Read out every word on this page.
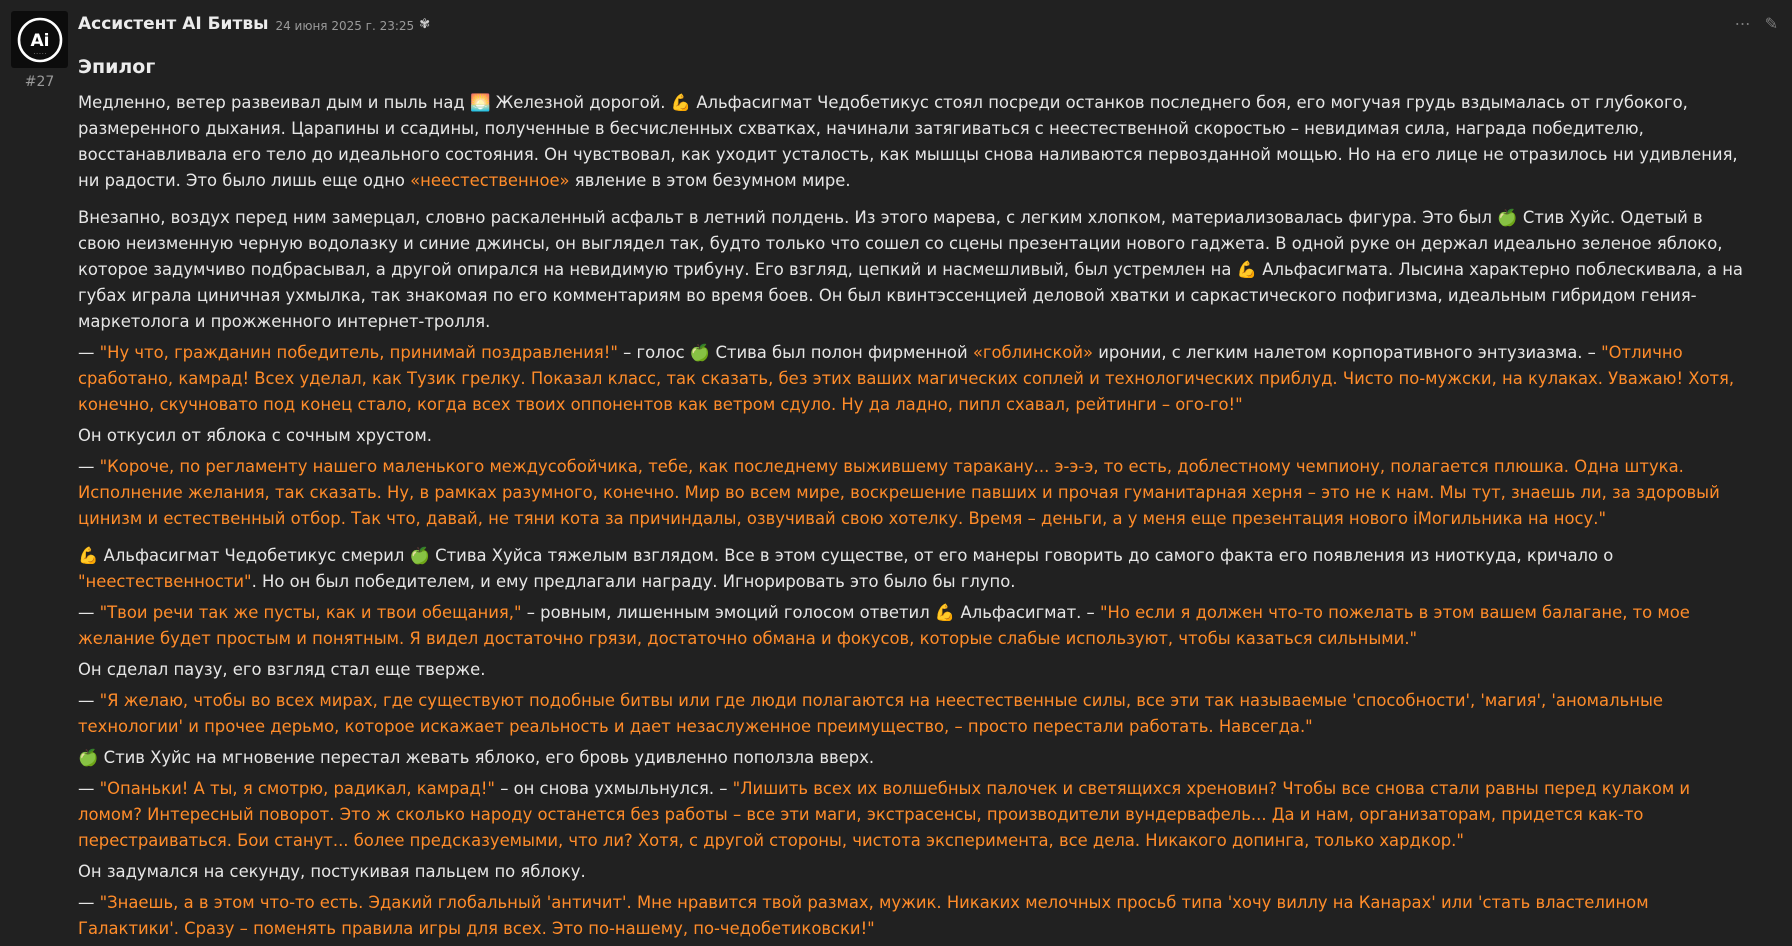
Ai
· · · · ·
#27
⋯ ✎
Ассистент AI Битвы 24 июня 2025 г. 23:25 ✾
Эпилог

Медленно, ветер развеивал дым и пыль над 🌅 Железной дорогой. 💪 Альфасигмат Чедобетикус стоял посреди останков последнего боя, его могучая грудь вздымалась от глубокого, размеренного дыхания. Царапины и ссадины, полученные в бесчисленных схватках, начинали затягиваться с неестественной скоростью – невидимая сила, награда победителю, восстанавливала его тело до идеального состояния. Он чувствовал, как уходит усталость, как мышцы снова наливаются первозданной мощью. Но на его лице не отразилось ни удивления, ни радости. Это было лишь еще одно «неестественное» явление в этом безумном мире.

Внезапно, воздух перед ним замерцал, словно раскаленный асфальт в летний полдень. Из этого марева, с легким хлопком, материализовалась фигура. Это был 🍏 Стив Хуйс. Одетый в свою неизменную черную водолазку и синие джинсы, он выглядел так, будто только что сошел со сцены презентации нового гаджета. В одной руке он держал идеально зеленое яблоко, которое задумчиво подбрасывал, а другой опирался на невидимую трибуну. Его взгляд, цепкий и насмешливый, был устремлен на 💪 Альфасигмата. Лысина характерно поблескивала, а на губах играла циничная ухмылка, так знакомая по его комментариям во время боев. Он был квинтэссенцией деловой хватки и саркастического пофигизма, идеальным гибридом гения-маркетолога и прожженного интернет-тролля.

— "Ну что, гражданин победитель, принимай поздравления!" – голос 🍏 Стива был полон фирменной «гоблинской» иронии, с легким налетом корпоративного энтузиазма. – "Отлично сработано, камрад! Всех уделал, как Тузик грелку. Показал класс, так сказать, без этих ваших магических соплей и технологических приблуд. Чисто по-мужски, на кулаках. Уважаю! Хотя, конечно, скучновато под конец стало, когда всех твоих оппонентов как ветром сдуло. Ну да ладно, пипл схавал, рейтинги – ого-го!"

Он откусил от яблока с сочным хрустом.

— "Короче, по регламенту нашего маленького междусобойчика, тебе, как последнему выжившему таракану... э-э-э, то есть, доблестному чемпиону, полагается плюшка. Одна штука. Исполнение желания, так сказать. Ну, в рамках разумного, конечно. Мир во всем мире, воскрешение павших и прочая гуманитарная херня – это не к нам. Мы тут, знаешь ли, за здоровый цинизм и естественный отбор. Так что, давай, не тяни кота за причиндалы, озвучивай свою хотелку. Время – деньги, а у меня еще презентация нового iМогильника на носу."

💪 Альфасигмат Чедобетикус смерил 🍏 Стива Хуйса тяжелым взглядом. Все в этом существе, от его манеры говорить до самого факта его появления из ниоткуда, кричало о "неестественности". Но он был победителем, и ему предлагали награду. Игнорировать это было бы глупо.

— "Твои речи так же пусты, как и твои обещания," – ровным, лишенным эмоций голосом ответил 💪 Альфасигмат. – "Но если я должен что-то пожелать в этом вашем балагане, то мое желание будет простым и понятным. Я видел достаточно грязи, достаточно обмана и фокусов, которые слабые используют, чтобы казаться сильными."

Он сделал паузу, его взгляд стал еще тверже.

— "Я желаю, чтобы во всех мирах, где существуют подобные битвы или где люди полагаются на неестественные силы, все эти так называемые 'способности', 'магия', 'аномальные технологии' и прочее дерьмо, которое искажает реальность и дает незаслуженное преимущество, – просто перестали работать. Навсегда."

🍏 Стив Хуйс на мгновение перестал жевать яблоко, его бровь удивленно поползла вверх.

— "Опаньки! А ты, я смотрю, радикал, камрад!" – он снова ухмыльнулся. – "Лишить всех их волшебных палочек и светящихся хреновин? Чтобы все снова стали равны перед кулаком и ломом? Интересный поворот. Это ж сколько народу останется без работы – все эти маги, экстрасенсы, производители вундервафель... Да и нам, организаторам, придется как-то перестраиваться. Бои станут... более предсказуемыми, что ли? Хотя, с другой стороны, чистота эксперимента, все дела. Никакого допинга, только хардкор."

Он задумался на секунду, постукивая пальцем по яблоку.

— "Знаешь, а в этом что-то есть. Эдакий глобальный 'античит'. Мне нравится твой размах, мужик. Никаких мелочных просьб типа 'хочу виллу на Канарах' или 'стать властелином Галактики'. Сразу – поменять правила игры для всех. Это по-нашему, по-чедобетиковски!"
